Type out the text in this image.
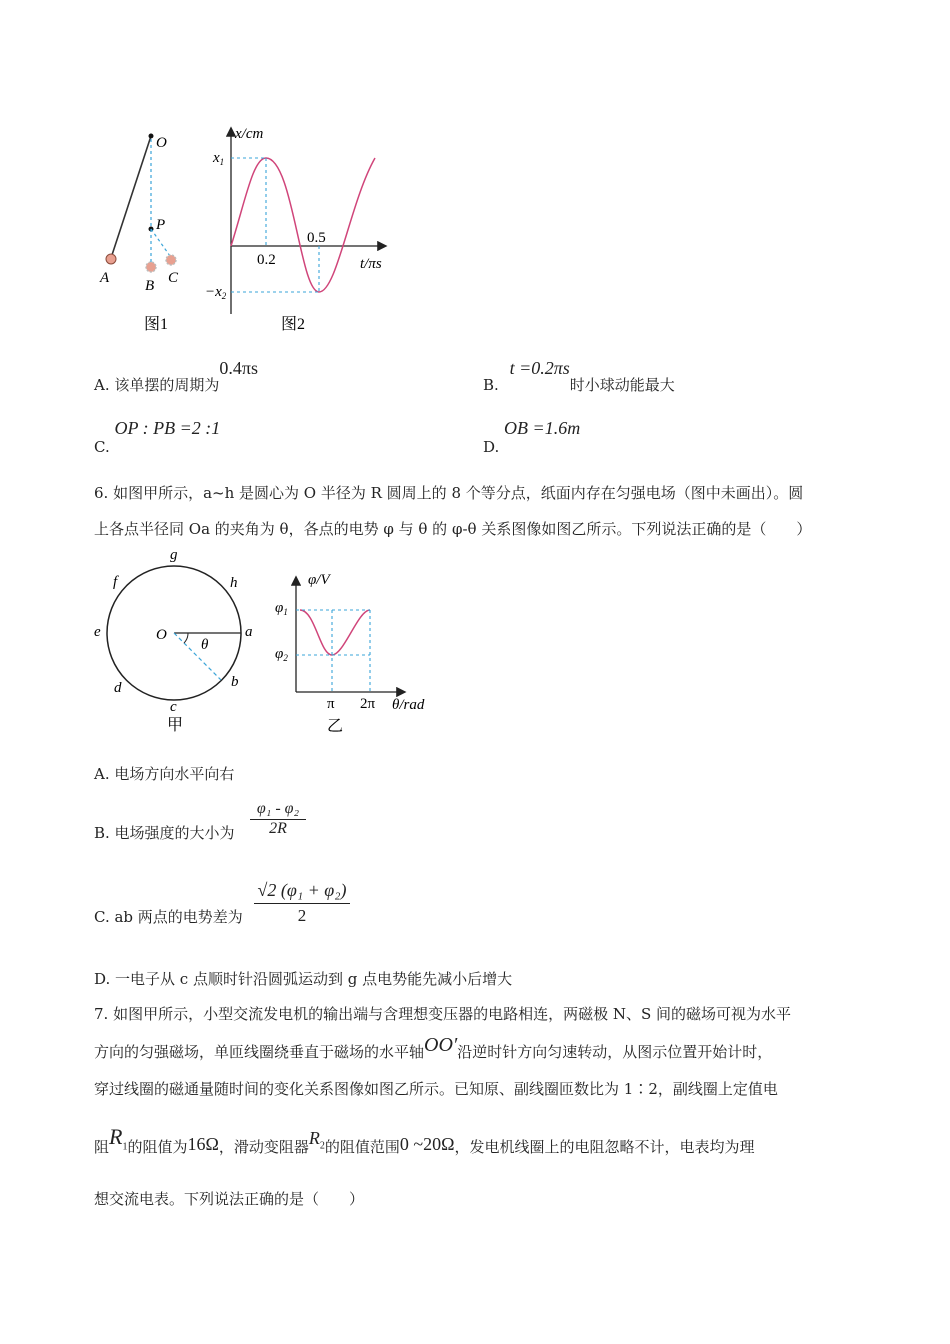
O
P
A B C
图1
x/cm
$x_1$
$-x_2$
0.2
0.5
t/πs
图2
A. 该单摆的周期为0.4πs
B. t =0.2πs时小球动能最大
C. OP : PB =2 :1
D. OB =1.6m
6. 如图甲所示，a~h 是圆心为 O 半径为 R 圆周上的 8 个等分点，纸面内存在匀强电场（图中未画出）。圆
上各点半径同 Oa 的夹角为 θ，各点的电势 φ 与 θ 的 φ-θ 关系图像如图乙所示。下列说法正确的是（　　）
g
h
f
e	O	a
θ
b
d
c
甲
φ/V
$\varphi_1$
$\varphi_2$
π 2π θ/rad
乙
A. 电场方向水平向右
B. 电场强度的大小为 $\frac{\text{φ₁ - φ₂}}{2R}$
C. ab 两点的电势差为 $\frac{\text{√2 (φ₁ + φ₂)}}{2}$
D. 一电子从 c 点顺时针沿圆弧运动到 g 点电势能先减小后增大
7. 如图甲所示，小型交流发电机的输出端与含理想变压器的电路相连，两磁极 N、S 间的磁场可视为水平
方向的匀强磁场，单匝线圈绕垂直于磁场的水平轴OO′沿逆时针方向匀速转动，从图示位置开始计时，
穿过线圈的磁通量随时间的变化关系图像如图乙所示。已知原、副线圈匝数比为 1∶2，副线圈上定值电
阻$R_1$的阻值为16Ω，滑动变阻器$R_2$的阻值范围0 ~20Ω，发电机线圈上的电阻忽略不计，电表均为理
想交流电表。下列说法正确的是（　　）
